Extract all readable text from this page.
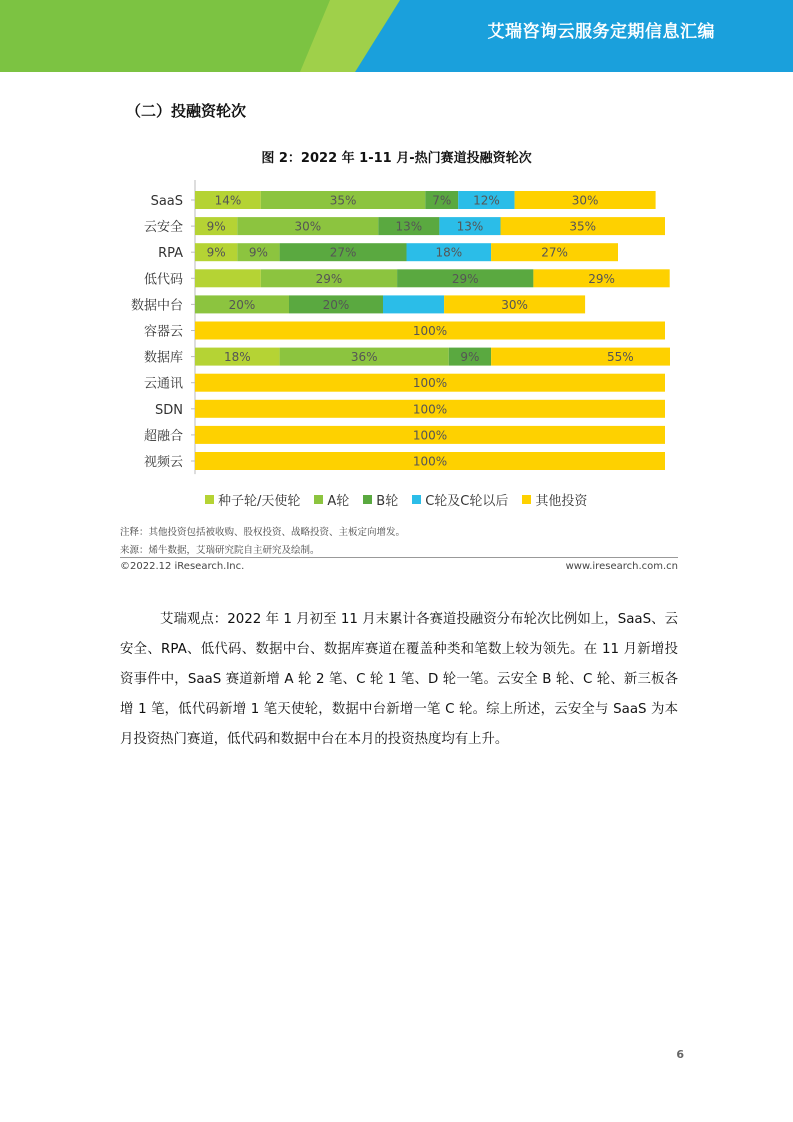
艾瑞咨询云服务定期信息汇编
（二）投融资轮次
图 2：2022 年 1-11 月-热门赛道投融资轮次
SaaS	14%	35%	7% 12%	30%
云安全 9%	30%	13%	13%	35%
RPA 9% 9%	27%	18%	27%
低代码	29%	29%	29%
数据中台	20%	20%	30%
容器云	100%
数据库	18%	36%	9%	55%
云通讯	100%
SDN	100%
超融合	100%
视频云	100%
种子轮/天使轮 A轮 B轮 C轮及C轮以后 其他投资
注释：其他投资包括被收购、股权投资、战略投资、主板定向增发。
来源：烯牛数据，艾瑞研究院自主研究及绘制。
©2022.12 iResearch.Inc.	www.iresearch.com.cn
艾瑞观点：2022 年 1 月初至 11 月末累计各赛道投融资分布轮次比例如上，SaaS、云安全、RPA、低代码、数据中台、数据库赛道在覆盖种类和笔数上较为领先。在 11 月新增投资事件中，SaaS 赛道新增 A 轮 2 笔、C 轮 1 笔、D 轮一笔。云安全 B 轮、C 轮、新三板各增 1 笔，低代码新增 1 笔天使轮，数据中台新增一笔 C 轮。综上所述，云安全与 SaaS 为本月投资热门赛道，低代码和数据中台在本月的投资热度均有上升。
6
